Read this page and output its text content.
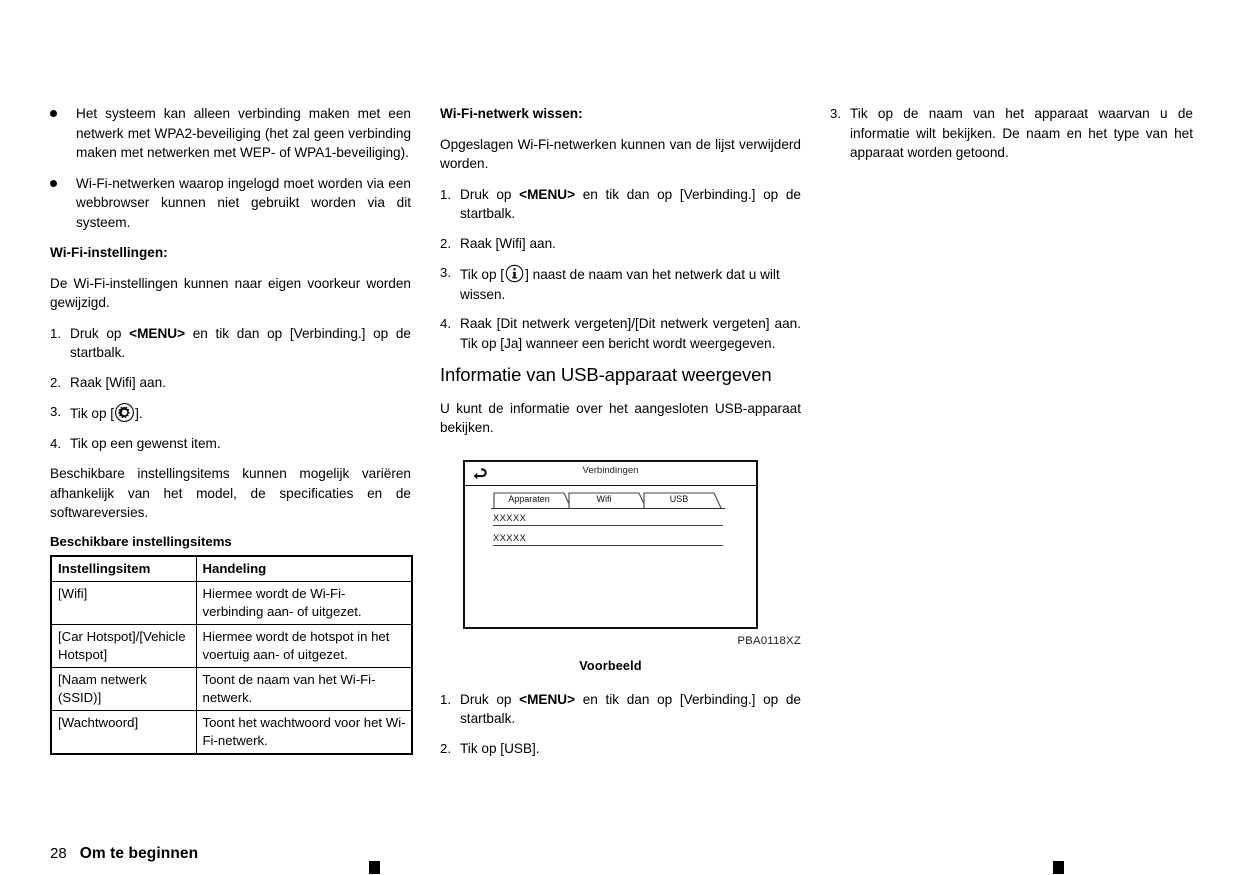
Het systeem kan alleen verbinding maken met een netwerk met WPA2-beveiliging (het zal geen verbinding maken met netwerken met WEP- of WPA1-beveiliging).
Wi-Fi-netwerken waarop ingelogd moet worden via een webbrowser kunnen niet gebruikt worden via dit systeem.
Wi-Fi-instellingen:

De Wi-Fi-instellingen kunnen naar eigen voorkeur worden gewijzigd.

1. Druk op <MENU> en tik dan op [Verbinding.] op de startbalk.
2. Raak [Wifi] aan.
3. Tik op [ ].
4. Tik op een gewenst item.

Beschikbare instellingsitems kunnen mogelijk variëren afhankelijk van het model, de specificaties en de softwareversies.

Beschikbare instellingsitems
Instellingsitem	Handeling
[Wifi]	Hiermee wordt de Wi-Fi-verbinding aan- of uitgezet.
[Car Hotspot]/[Vehicle Hotspot]	Hiermee wordt de hotspot in het voertuig aan- of uitgezet.
[Naam netwerk (SSID)]	Toont de naam van het Wi-Fi-netwerk.
[Wachtwoord]	Toont het wachtwoord voor het Wi-Fi-netwerk.
Wi-Fi-netwerk wissen:

Opgeslagen Wi-Fi-netwerken kunnen van de lijst verwijderd worden.

1. Druk op <MENU> en tik dan op [Verbinding.] op de startbalk.
2. Raak [Wifi] aan.
3. Tik op [ ] naast de naam van het netwerk dat u wilt wissen.
4. Raak [Dit netwerk vergeten]/[Dit netwerk vergeten] aan. Tik op [Ja] wanneer een bericht wordt weergegeven.
Informatie van USB-apparaat weergeven

U kunt de informatie over het aangesloten USB-apparaat bekijken.

Verbindingen
Apparaten	Wifi	USB
XXXXX
XXXXX
PBA0118XZ
Voorbeeld
1. Druk op <MENU> en tik dan op [Verbinding.] op de startbalk.
2. Tik op [USB].
3. Tik op de naam van het apparaat waarvan u de informatie wilt bekijken. De naam en het type van het apparaat worden getoond.
28 Om te beginnen
